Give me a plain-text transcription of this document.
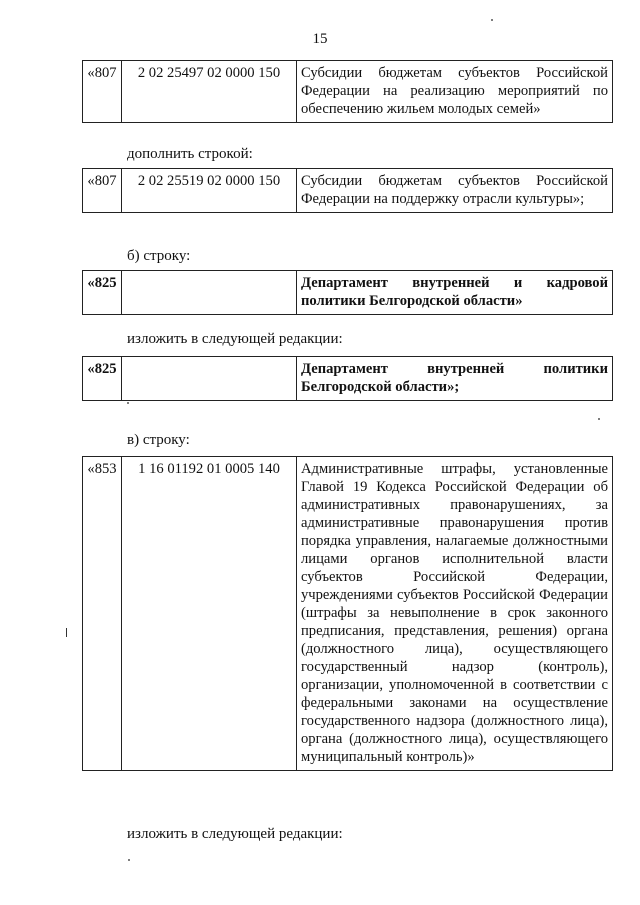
15
«807	2 02 25497 02 0000 150	Субсидии бюджетам субъектов Российской Федерации на реализацию мероприятий по обеспечению жильем молодых семей»
дополнить строкой:
«807	2 02 25519 02 0000 150	Субсидии бюджетам субъектов Российской Федерации на поддержку отрасли культуры»;
б) строку:
«825		Департамент внутренней и кадровой политики Белгородской области»
изложить в следующей редакции:
«825		Департамент внутренней политики Белгородской области»;
в) строку:
«853	1 16 01192 01 0005 140	Административные штрафы, установленные Главой 19 Кодекса Российской Федерации об административных правонарушениях, за административные правонарушения против порядка управления, налагаемые должностными лицами органов исполнительной власти субъектов Российской Федерации, учреждениями субъектов Российской Федерации (штрафы за невыполнение в срок законного предписания, представления, решения) органа (должностного лица), осуществляющего государственный надзор (контроль), организации, уполномоченной в соответствии с федеральными законами на осуществление государственного надзора (должностного лица), органа (должностного лица), осуществляющего муниципальный контроль)»
изложить в следующей редакции:
